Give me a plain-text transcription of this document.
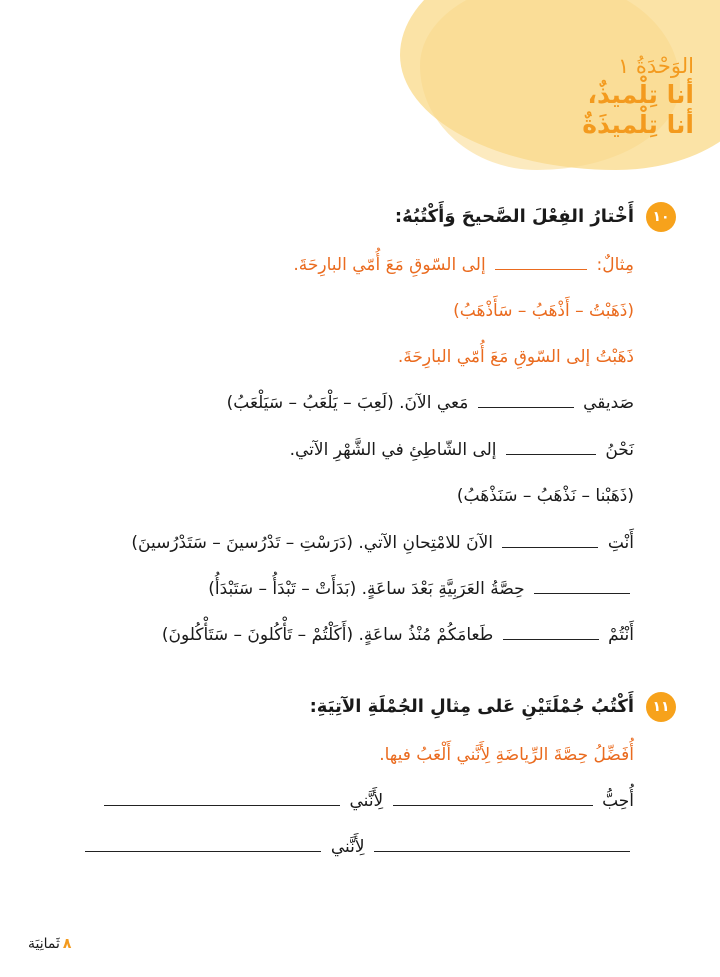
الوَحْدَةُ ١
أنا تِلْميذٌ،
أنا تِلْميذَةٌ
١٠
أَخْتارُ الفِعْلَ الصَّحيحَ وَأَكْتُبُهُ:
مِثالٌ:  إلى السّوقِ مَعَ أُمّي البارِحَةَ.
(ذَهَبْتُ – أَذْهَبُ – سَأَذْهَبُ)
ذَهَبْتُ إلى السّوقِ مَعَ أُمّي البارِحَةَ.
صَديقي  مَعي الآنَ. (لَعِبَ – يَلْعَبُ – سَيَلْعَبُ)
نَحْنُ  إلى الشّاطِئِ في الشَّهْرِ الآتي.
(ذَهَبْنا – نَذْهَبُ – سَنَذْهَبُ)
أَنْتِ  الآنَ للامْتِحانِ الآتي. (دَرَسْتِ – تَدْرُسينَ – سَتَدْرُسينَ)
حِصَّةُ العَرَبِيَّةِ بَعْدَ ساعَةٍ. (بَدَأَتْ – تَبْدَأُ – سَتَبْدَأُ)
أَنْتُمْ  طَعامَكُمْ مُنْذُ ساعَةٍ. (أَكَلْتُمْ – تَأْكُلونَ – سَتَأْكُلونَ)
١١
أَكْتُبُ جُمْلَتَيْنِ عَلى مِثالِ الجُمْلَةِ الآتِيَةِ:
أُفَضِّلُ حِصَّةَ الرِّياضَةِ لِأَنَّني أَلْعَبُ فيها.
أُحِبُّ  لِأَنَّني
لِأَنَّني
٨ثَمانِيَة
